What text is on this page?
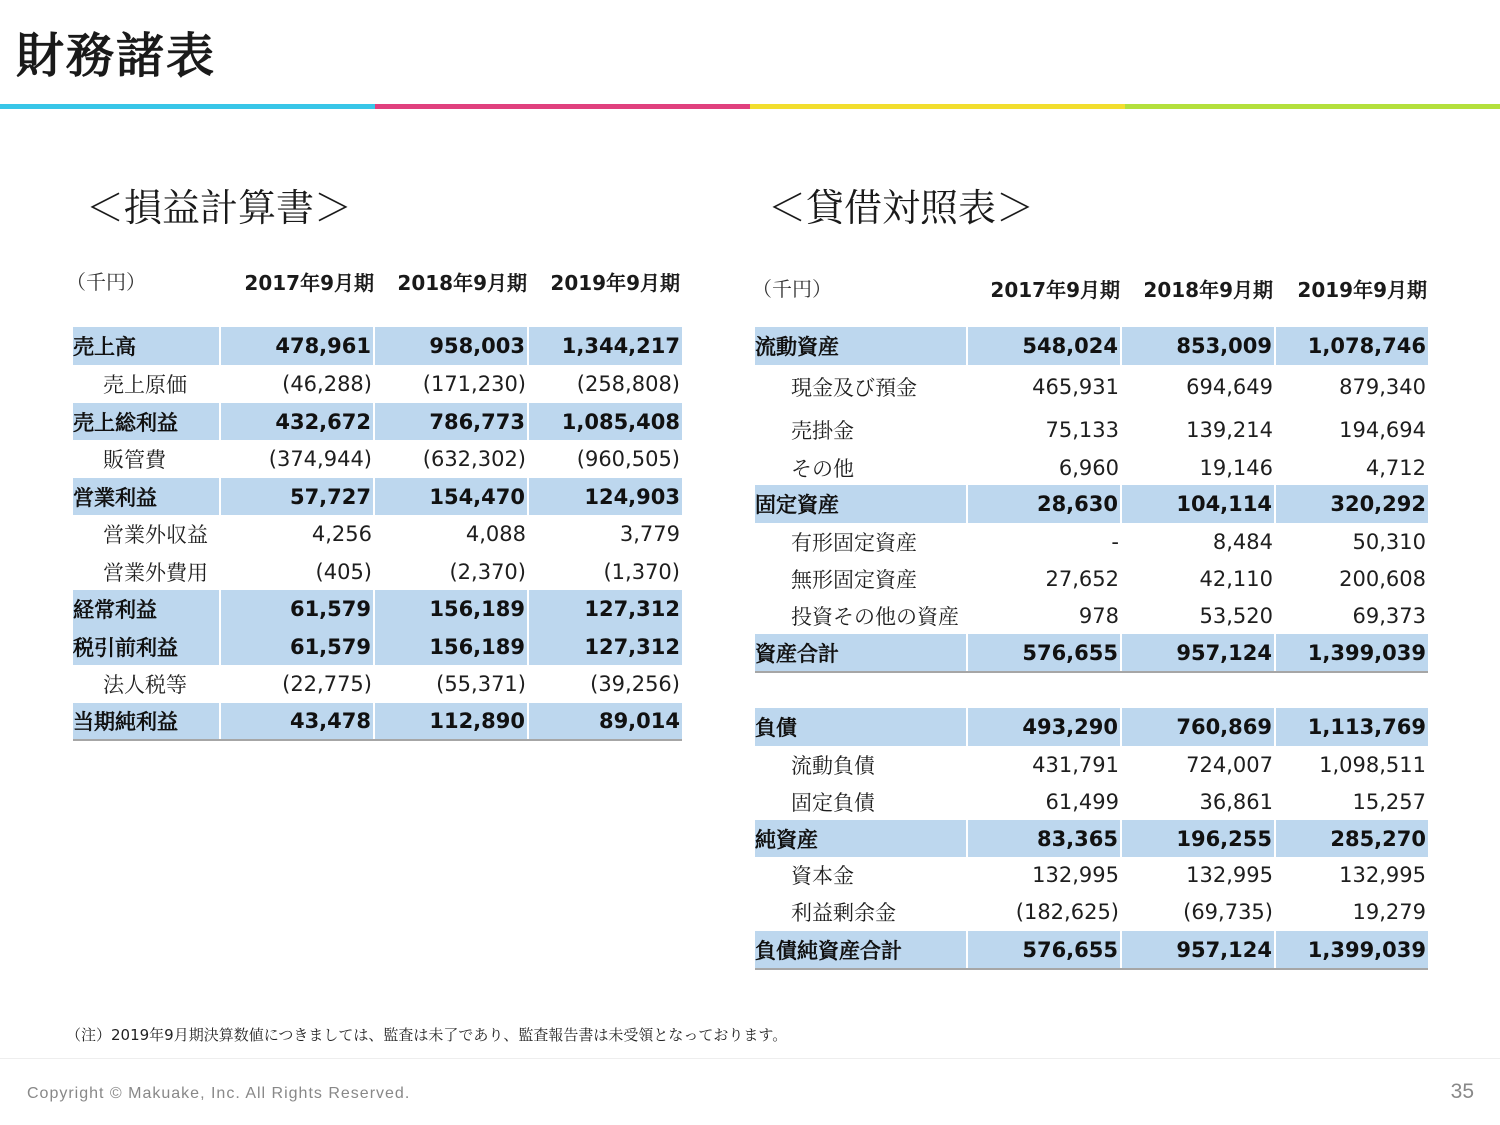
財務諸表
＜損益計算書＞
（千円）	2017年9月期	2018年9月期	2019年9月期
売上高	478,961	958,003	1,344,217
売上原価	(46,288)	(171,230)	(258,808)
売上総利益	432,672	786,773	1,085,408
販管費	(374,944)	(632,302)	(960,505)
営業利益	57,727	154,470	124,903
営業外収益	4,256	4,088	3,779
営業外費用	(405)	(2,370)	(1,370)
経常利益	61,579	156,189	127,312
税引前利益	61,579	156,189	127,312
法人税等	(22,775)	(55,371)	(39,256)
当期純利益	43,478	112,890	89,014
＜貸借対照表＞
（千円）	2017年9月期	2018年9月期	2019年9月期
流動資産	548,024	853,009	1,078,746
現金及び預金	465,931	694,649	879,340
売掛金	75,133	139,214	194,694
その他	6,960	19,146	4,712
固定資産	28,630	104,114	320,292
有形固定資産	-	8,484	50,310
無形固定資産	27,652	42,110	200,608
投資その他の資産	978	53,520	69,373
資産合計	576,655	957,124	1,399,039
負債	493,290	760,869	1,113,769
流動負債	431,791	724,007	1,098,511
固定負債	61,499	36,861	15,257
純資産	83,365	196,255	285,270
資本金	132,995	132,995	132,995
利益剰余金	(182,625)	(69,735)	19,279
負債純資産合計	576,655	957,124	1,399,039
（注）2019年9月期決算数値につきましては、監査は未了であり、監査報告書は未受領となっております。
Copyright © Makuake, Inc. All Rights Reserved.	35
